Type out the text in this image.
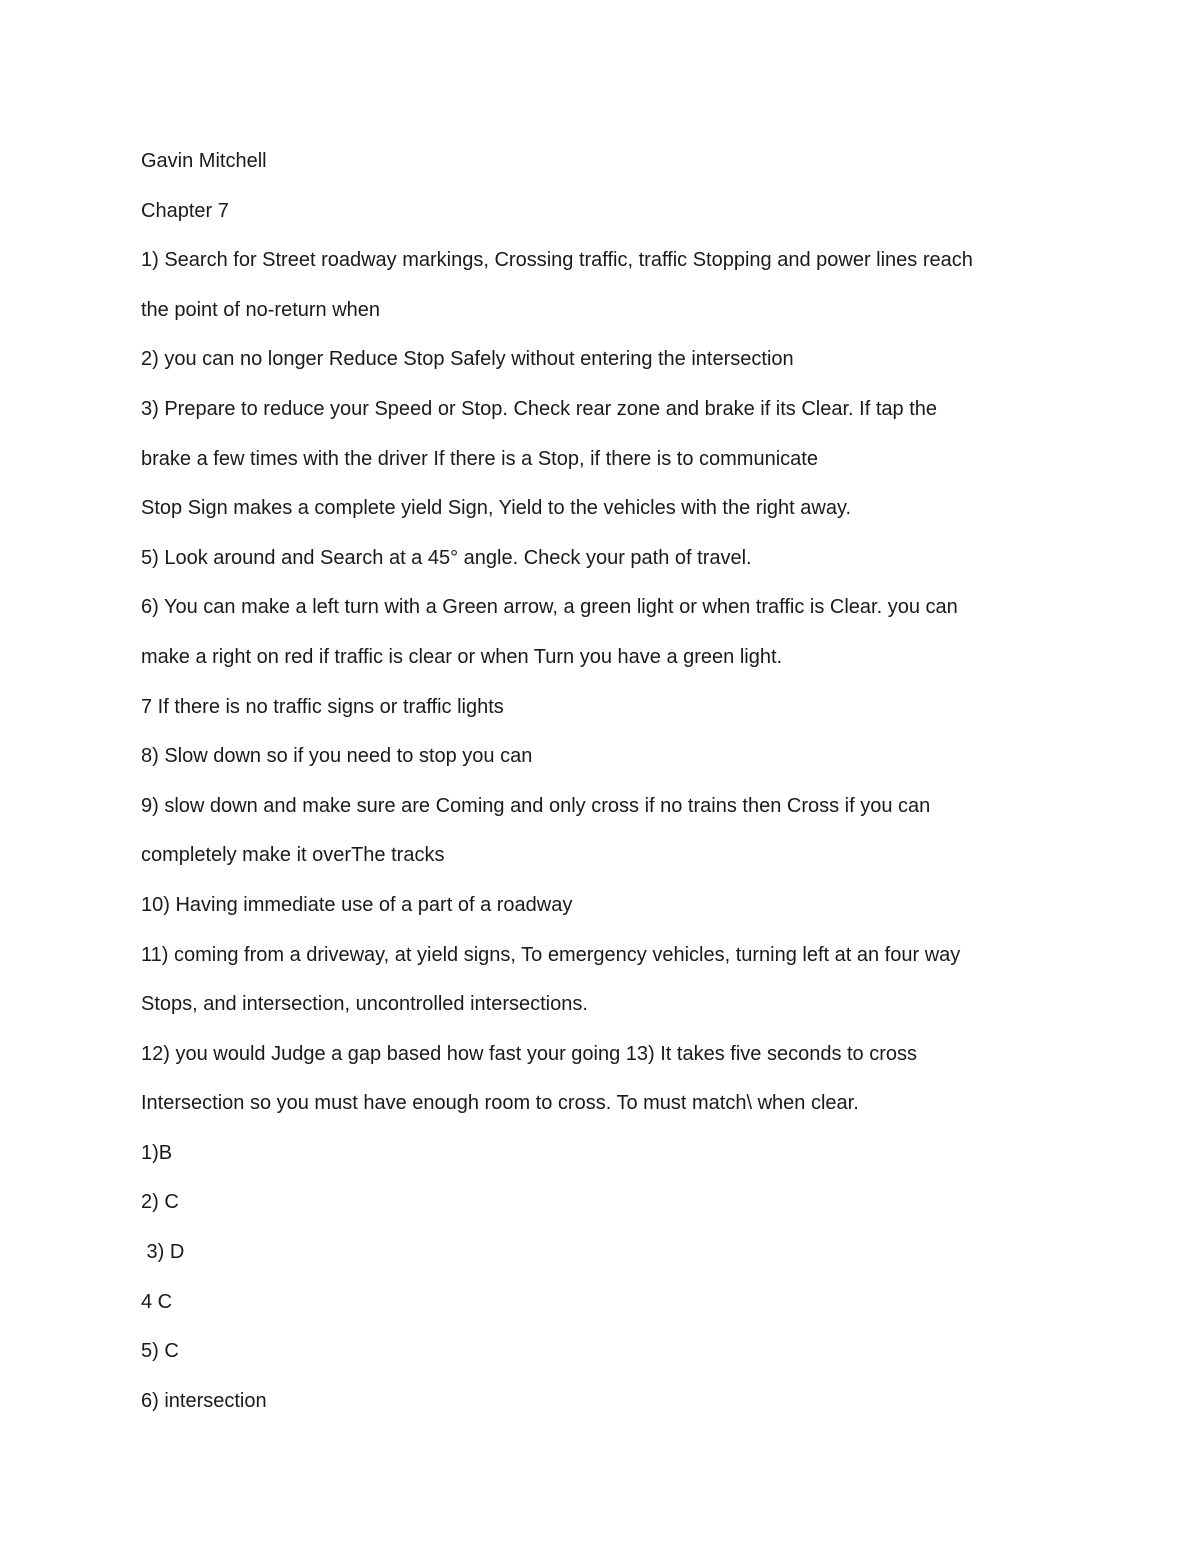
Gavin Mitchell

Chapter 7

1) Search for Street roadway markings, Crossing traffic, traffic Stopping and power lines reach

the point of no-return when

2) you can no longer Reduce Stop Safely without entering the intersection

3) Prepare to reduce your Speed or Stop. Check rear zone and brake if its Clear. If tap the

brake a few times with the driver If there is a Stop, if there is to communicate

Stop Sign makes a complete yield Sign, Yield to the vehicles with the right away.

5) Look around and Search at a 45° angle. Check your path of travel.

6) You can make a left turn with a Green arrow, a green light or when traffic is Clear. you can

make a right on red if traffic is clear or when Turn you have a green light.

7 If there is no traffic signs or traffic lights

8) Slow down so if you need to stop you can

9) slow down and make sure are Coming and only cross if no trains then Cross if you can

completely make it overThe tracks

10) Having immediate use of a part of a roadway

11) coming from a driveway, at yield signs, To emergency vehicles, turning left at an four way

Stops, and intersection, uncontrolled intersections.

12) you would Judge a gap based how fast your going 13) It takes five seconds to cross

Intersection so you must have enough room to cross. To must match\ when clear.

1)B

2) C

3) D

4 C

5) C

6) intersection
